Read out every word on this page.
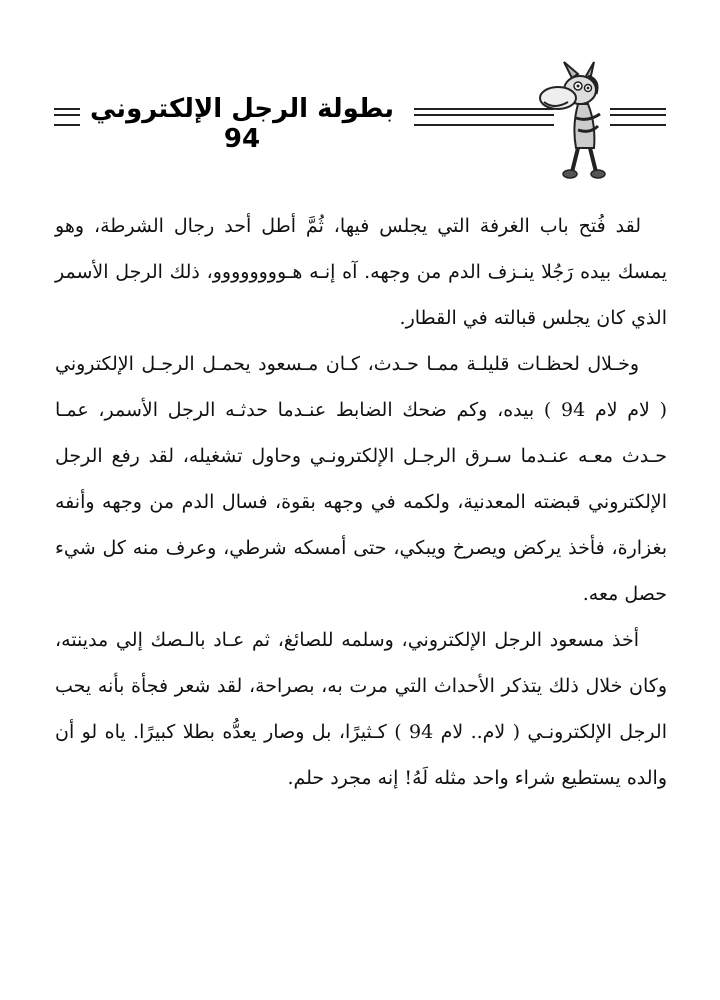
بطولة الرجل الإلكتروني 94

لقد فُتح باب الغرفة التي يجلس فيها، ثُمَّ أطل أحد رجال الشرطة، وهو يمسك بيده رَجُلا ينـزف الدم من وجهه. آه إنـه هـوووووووو، ذلك الرجل الأسمر الذي كان يجلس قبالته في القطار.

وخـلال لحظـات قليلـة ممـا حـدث، كـان مـسعود يحمـل الرجـل الإلكتروني ( لام لام 94 ) بيده، وكم ضحك الضابط عنـدما حدثـه الرجل الأسمر، عمـا حـدث معـه عنـدما سـرق الرجـل الإلكترونـي وحاول تشغيله، لقد رفع الرجل الإلكتروني قبضته المعدنية، ولكمه في وجهه بقوة، فسال الدم من وجهه وأنفه بغزارة، فأخذ يركض ويصرخ ويبكي، حتى أمسكه شرطي، وعرف منه كل شيء حصل معه.

أخذ مسعود الرجل الإلكتروني، وسلمه للصائغ، ثم عـاد بالـصك إلي مدينته، وكان خلال ذلك يتذكر الأحداث التي مرت به، بصراحة، لقد شعر فجأة بأنه يحب الرجل الإلكترونـي ( لام.. لام 94 ) كـثيرًا، بل وصار يعدُّه بطلا كبيرًا. ياه لو أن والده يستطيع شراء واحد مثله لَهُ! إنه مجرد حلم.
